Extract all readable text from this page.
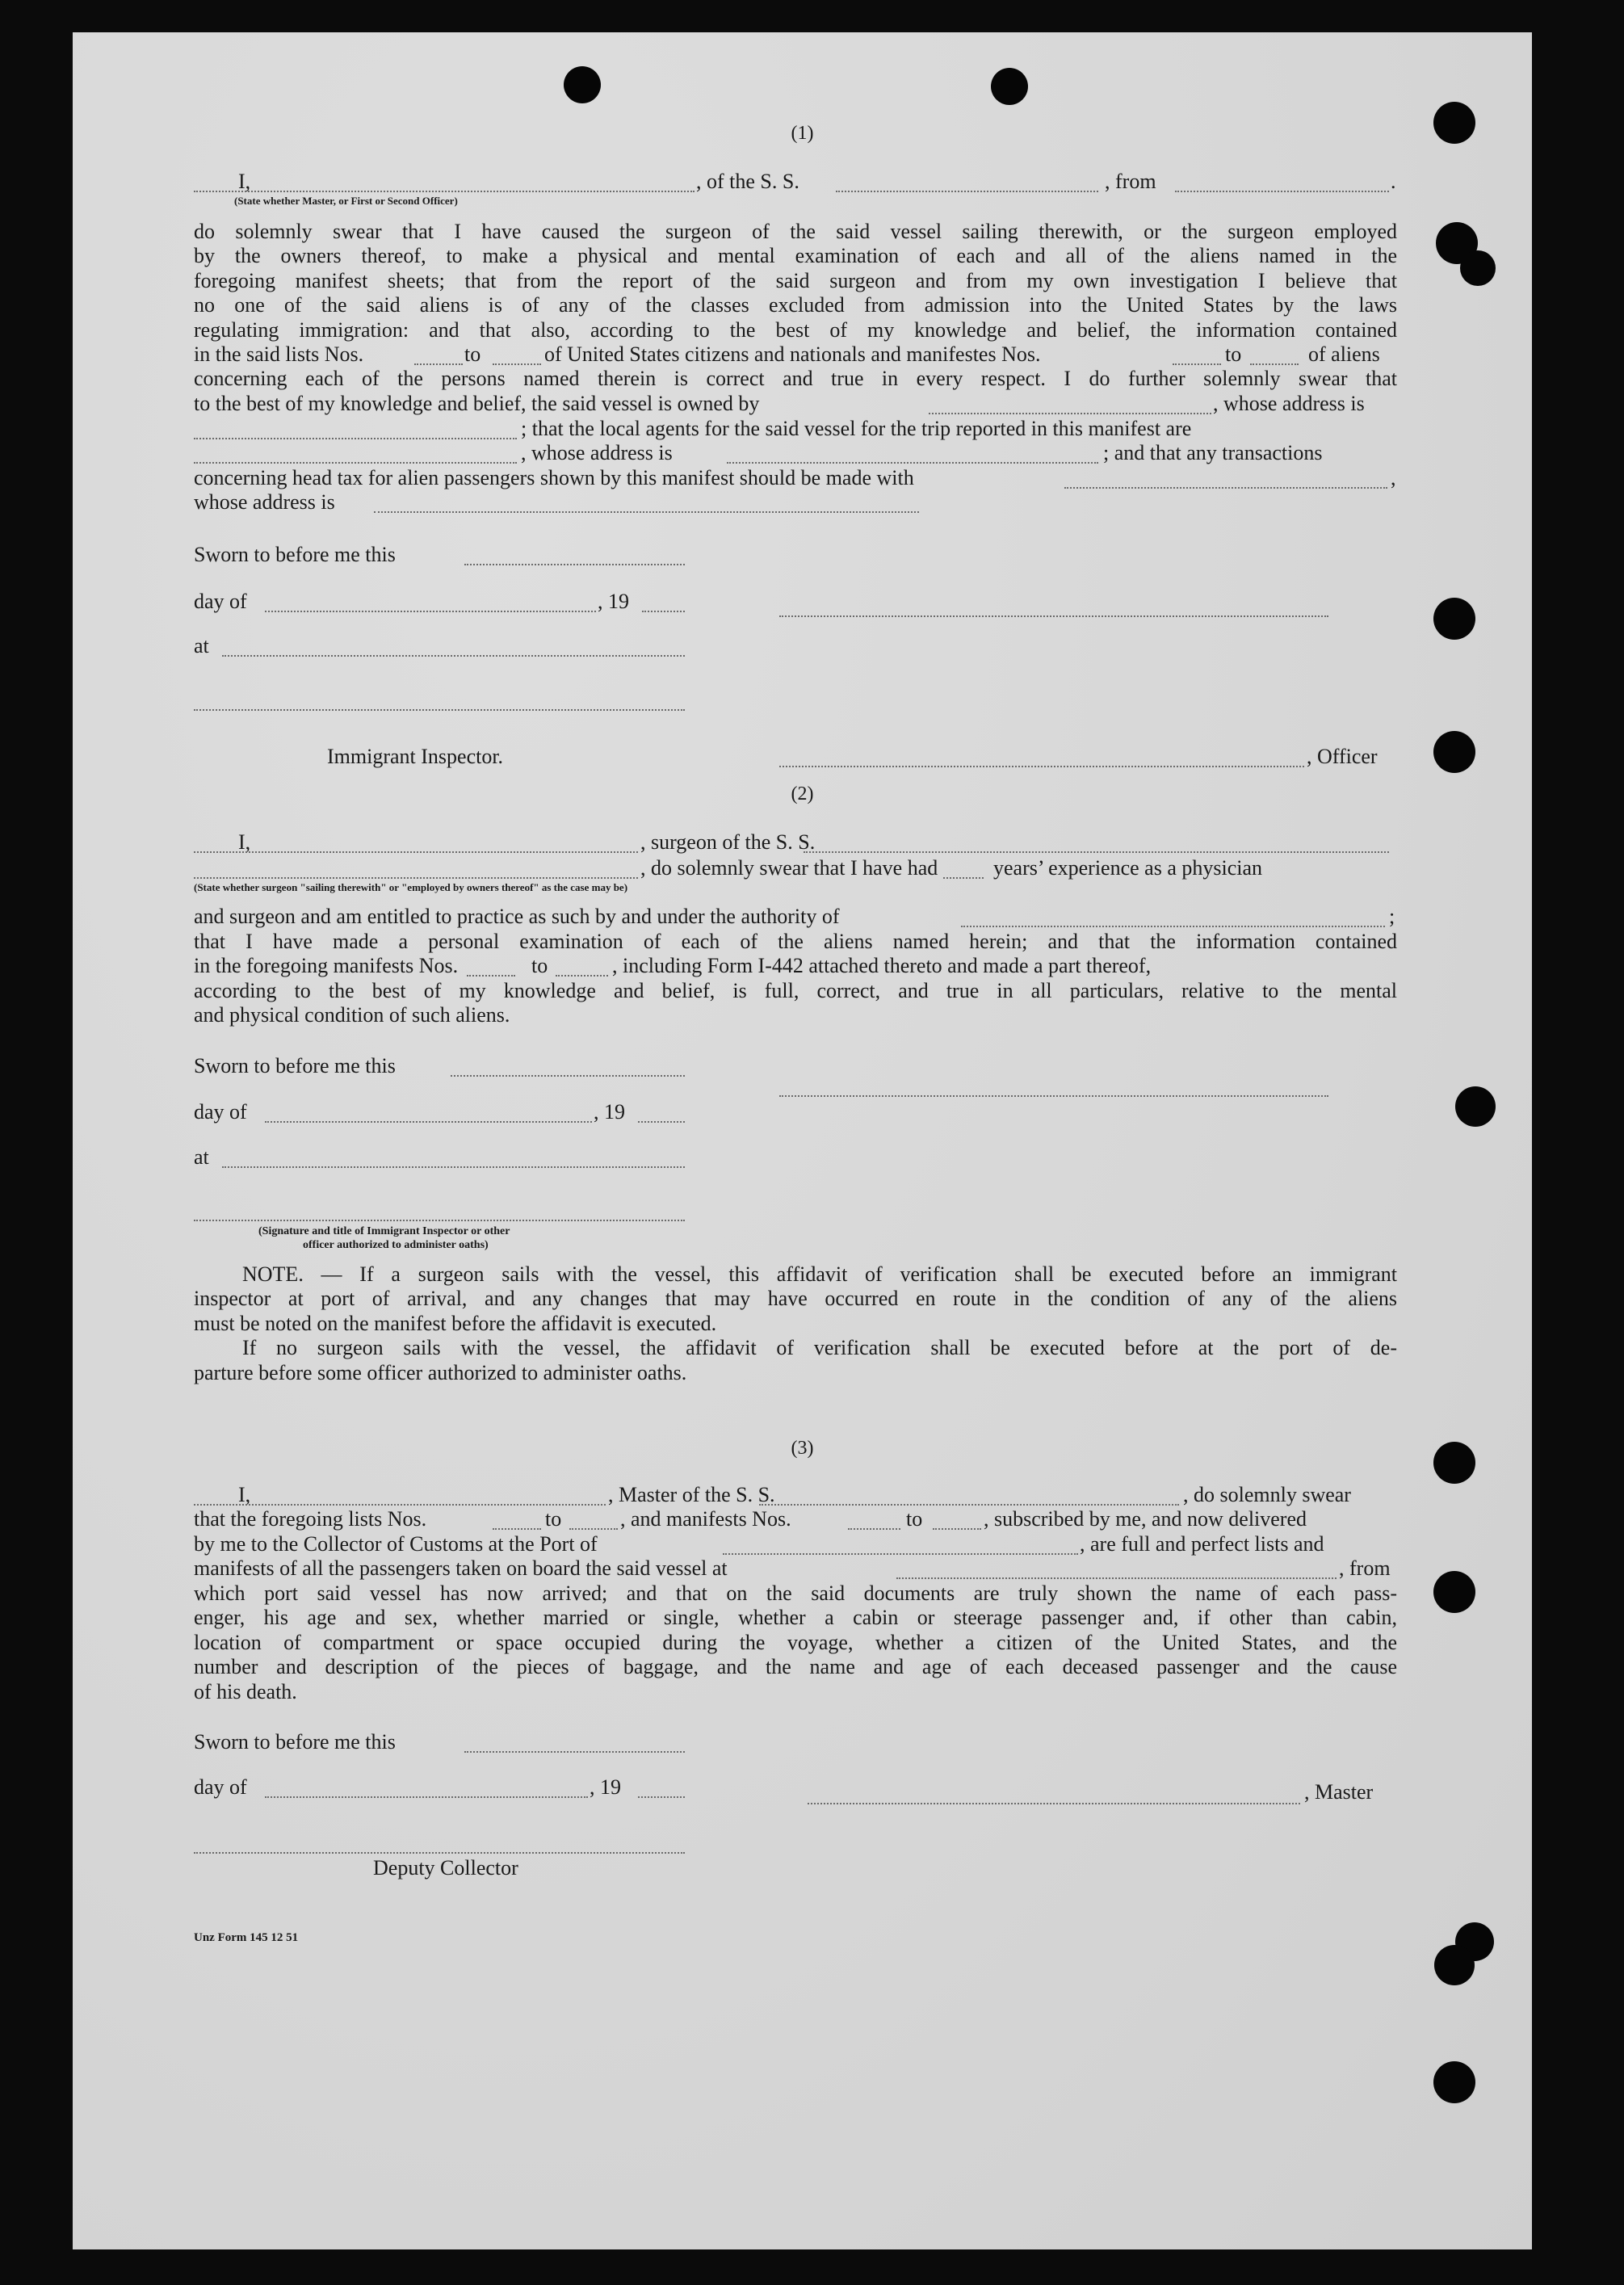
(1)
I,	, of the S. S.	, from	.
(State whether Master, or First or Second Officer)
do solemnly swear that I have caused the surgeon of the said vessel sailing therewith, or the surgeon employed
by the owners thereof, to make a physical and mental examination of each and all of the aliens named in the
foregoing manifest sheets; that from the report of the said surgeon and from my own investigation I believe that
no one of the said aliens is of any of the classes excluded from admission into the United States by the laws
regulating immigration: and that also, according to the best of my knowledge and belief, the information contained
in the said lists Nos.	to	of United States citizens and nationals and manifestes Nos.	to	of aliens
concerning each of the persons named therein is correct and true in every respect. I do further solemnly swear that
to the best of my knowledge and belief, the said vessel is owned by	, whose address is
; that the local agents for the said vessel for the trip reported in this manifest are
, whose address is	; and that any transactions
concerning head tax for alien passengers shown by this manifest should be made with	,
whose address is
Sworn to before me this
day of	, 19
at
Immigrant Inspector.	, Officer
(2)
I,	, surgeon of the S. S.
, do solemnly swear that I have had	years’ experience as a physician
(State whether surgeon "sailing therewith" or "employed by owners thereof" as the case may be)
and surgeon and am entitled to practice as such by and under the authority of	;
that I have made a personal examination of each of the aliens named herein; and that the information contained
in the foregoing manifests Nos.	to	, including Form I-442 attached thereto and made a part thereof,
according to the best of my knowledge and belief, is full, correct, and true in all particulars, relative to the mental
and physical condition of such aliens.
Sworn to before me this
day of	, 19
at
(Signature and title of Immigrant Inspector or other
officer authorized to administer oaths)
NOTE. — If a surgeon sails with the vessel, this affidavit of verification shall be executed before an immigrant
inspector at port of arrival, and any changes that may have occurred en route in the condition of any of the aliens
must be noted on the manifest before the affidavit is executed.
If no surgeon sails with the vessel, the affidavit of verification shall be executed before at the port of de-
parture before some officer authorized to administer oaths.
(3)
I,	, Master of the S. S.	, do solemnly swear
that the foregoing lists Nos.	to	, and manifests Nos.	to	, subscribed by me, and now delivered
by me to the Collector of Customs at the Port of	, are full and perfect lists and
manifests of all the passengers taken on board the said vessel at	, from
which port said vessel has now arrived; and that on the said documents are truly shown the name of each pass-
enger, his age and sex, whether married or single, whether a cabin or steerage passenger and, if other than cabin,
location of compartment or space occupied during the voyage, whether a citizen of the United States, and the
number and description of the pieces of baggage, and the name and age of each deceased passenger and the cause
of his death.
Sworn to before me this
day of	, 19	, Master
Deputy Collector
Unz Form 145 12 51
